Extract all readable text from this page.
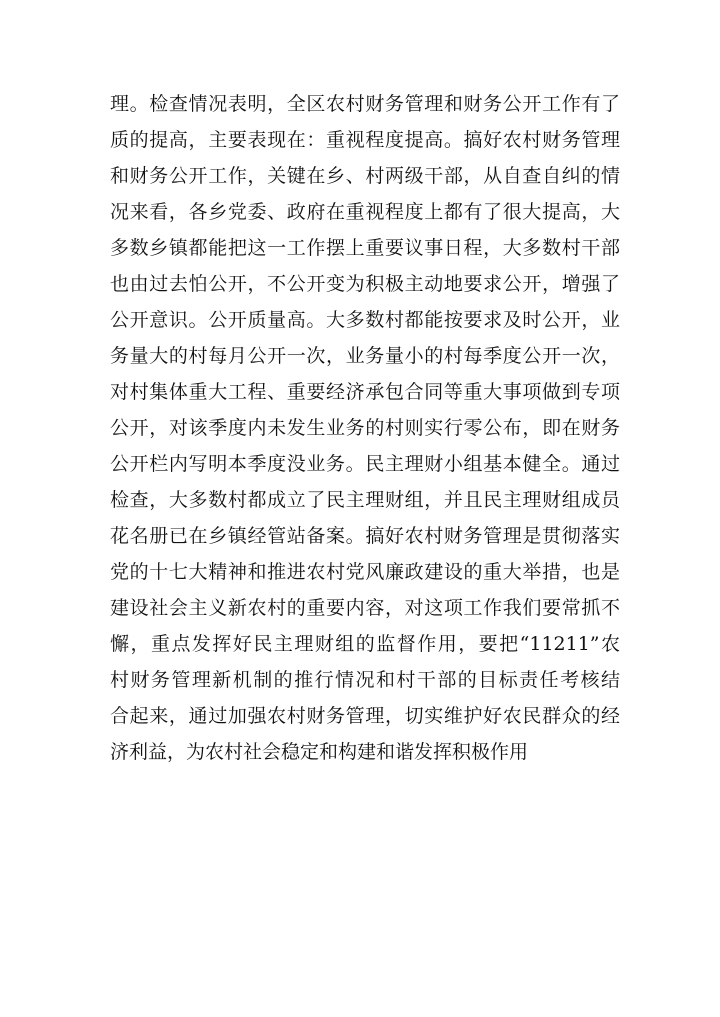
理。检查情况表明，全区农村财务管理和财务公开工作有了
质的提高，主要表现在：重视程度提高。搞好农村财务管理
和财务公开工作，关键在乡、村两级干部，从自查自纠的情
况来看，各乡党委、政府在重视程度上都有了很大提高，大
多数乡镇都能把这一工作摆上重要议事日程，大多数村干部
也由过去怕公开，不公开变为积极主动地要求公开，增强了
公开意识。公开质量高。大多数村都能按要求及时公开，业
务量大的村每月公开一次，业务量小的村每季度公开一次，
对村集体重大工程、重要经济承包合同等重大事项做到专项
公开，对该季度内未发生业务的村则实行零公布，即在财务
公开栏内写明本季度没业务。民主理财小组基本健全。通过
检查，大多数村都成立了民主理财组，并且民主理财组成员
花名册已在乡镇经管站备案。搞好农村财务管理是贯彻落实
党的十七大精神和推进农村党风廉政建设的重大举措，也是
建设社会主义新农村的重要内容，对这项工作我们要常抓不
懈，重点发挥好民主理财组的监督作用，要把“11211”农
村财务管理新机制的推行情况和村干部的目标责任考核结
合起来，通过加强农村财务管理，切实维护好农民群众的经
济利益，为农村社会稳定和构建和谐发挥积极作用
